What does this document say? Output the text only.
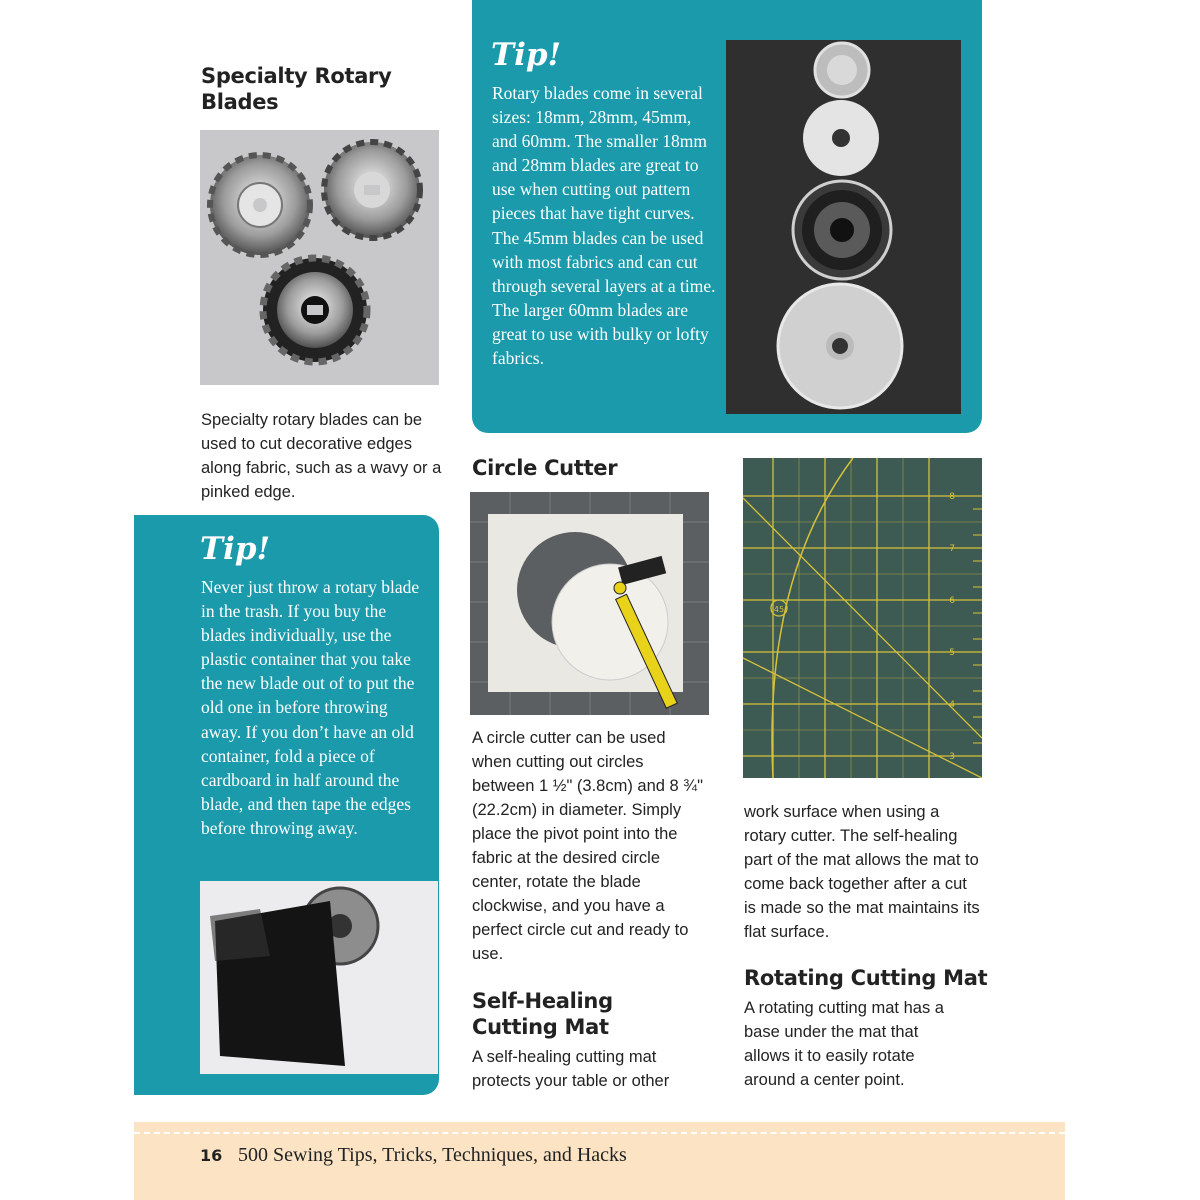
Specialty Rotary Blades

Specialty rotary blades can be used to cut decorative edges along fabric, such as a wavy or a pinked edge.

Tip!

Never just throw a rotary blade in the trash. If you buy the blades individually, use the plastic container that you take the new blade out of to put the old one in before throwing away. If you don’t have an old container, fold a piece of cardboard in half around the blade, and then tape the edges before throwing away.

Tip!

Rotary blades come in several sizes: 18mm, 28mm, 45mm, and 60mm. The smaller 18mm and 28mm blades are great to use when cutting out pattern pieces that have tight curves. The 45mm blades can be used with most fabrics and can cut through several layers at a time. The larger 60mm blades are great to use with bulky or lofty fabrics.

Circle Cutter

A circle cutter can be used when cutting out circles between 1 ½" (3.8cm) and 8 ¾" (22.2cm) in diameter. Simply place the pivot point into the fabric at the desired circle center, rotate the blade clockwise, and you have a perfect circle cut and ready to use.

Self-Healing Cutting Mat

A self-healing cutting mat protects your table or other

45
8
7
6
5
4
3

work surface when using a rotary cutter. The self-healing part of the mat allows the mat to come back together after a cut is made so the mat maintains its flat surface.

Rotating Cutting Mat

A rotating cutting mat has a base under the mat that allows it to easily rotate around a center point.

16 500 Sewing Tips, Tricks, Techniques, and Hacks
